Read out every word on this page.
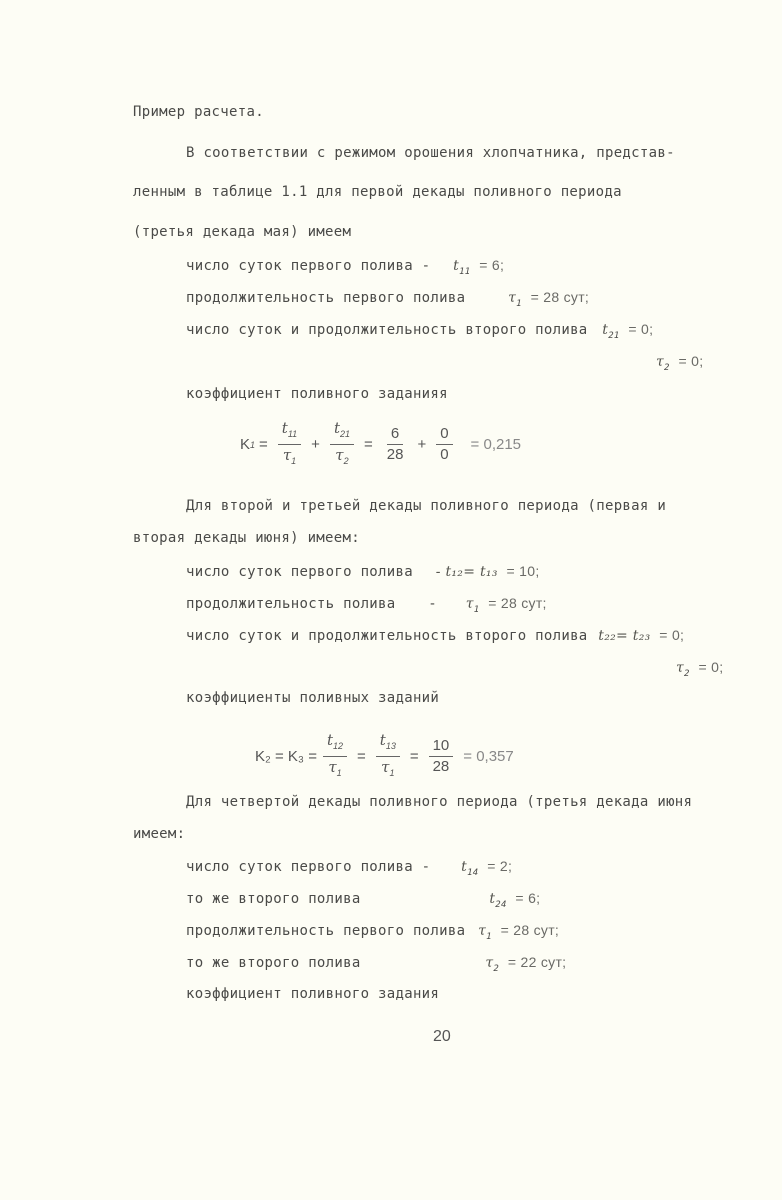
Пример расчета.
В соответствии с режимом орошения хлопчатника, представ-
ленным в таблице 1.1 для первой декады поливного периода
(третья декада мая) имеем
число суток первого полива - $t_{11} = 6$;
продолжительность первого полива	$\tau_1 = 28$ сут;
число суток и продолжительность второго полива $t_{21} = 0$;
$\tau_2 = 0$;
коэффициент поливного заданияя
K $1 = \frac{t_{11}}{\tau_1} + \frac{t_{21}}{\tau_2} = \frac{6}{28} + \frac{0}{0} = 0,215$
Для второй и третьей декады поливного периода (первая и
вторая декады июня) имеем:
число суток первого полива - t₁₂= t₁₃ = 10;
продолжительность полива - $\tau_1 = 28$ сут;
число суток и продолжительность второго полива t₂₂= t₂₃ = 0;
$\tau_2 = 0$;
коэффициенты поливных заданий
$K_2 = K_3 = \frac{t_{12}}{\tau_1} = \frac{t_{13}}{\tau_1} = \frac{10}{28} = 0,357$
Для четвертой декады поливного периода (третья декада июня
имеем:
число суток первого полива - $t_{14} = 2$;
то же второго полива	$t_{24} = 6$;
продолжительность первого полива $\tau_1 = 28$ сут;
то же второго полива	$\tau_2 = 22$ сут;
коэффициент поливного задания
20
